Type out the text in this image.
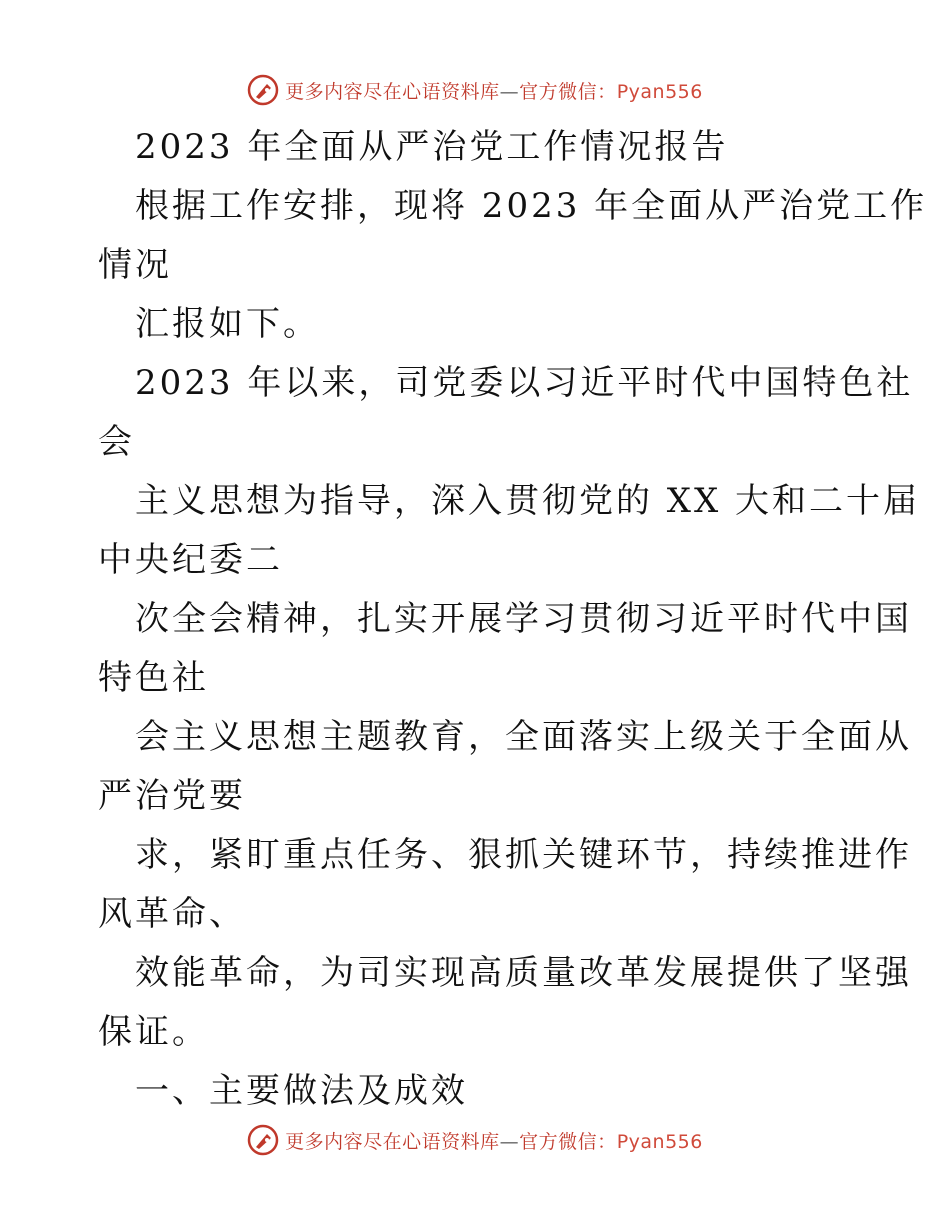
更多内容尽在心语资料库—官方微信：Pyan556
2023 年全面从严治党工作情况报告
根据工作安排，现将 2023 年全面从严治党工作
情况
汇报如下。
2023 年以来，司党委以习近平时代中国特色社
会
主义思想为指导，深入贯彻党的 XX 大和二十届
中央纪委二
次全会精神，扎实开展学习贯彻习近平时代中国
特色社
会主义思想主题教育，全面落实上级关于全面从
严治党要
求，紧盯重点任务、狠抓关键环节，持续推进作
风革命、
效能革命，为司实现高质量改革发展提供了坚强
保证。
一、主要做法及成效
更多内容尽在心语资料库—官方微信：Pyan556
